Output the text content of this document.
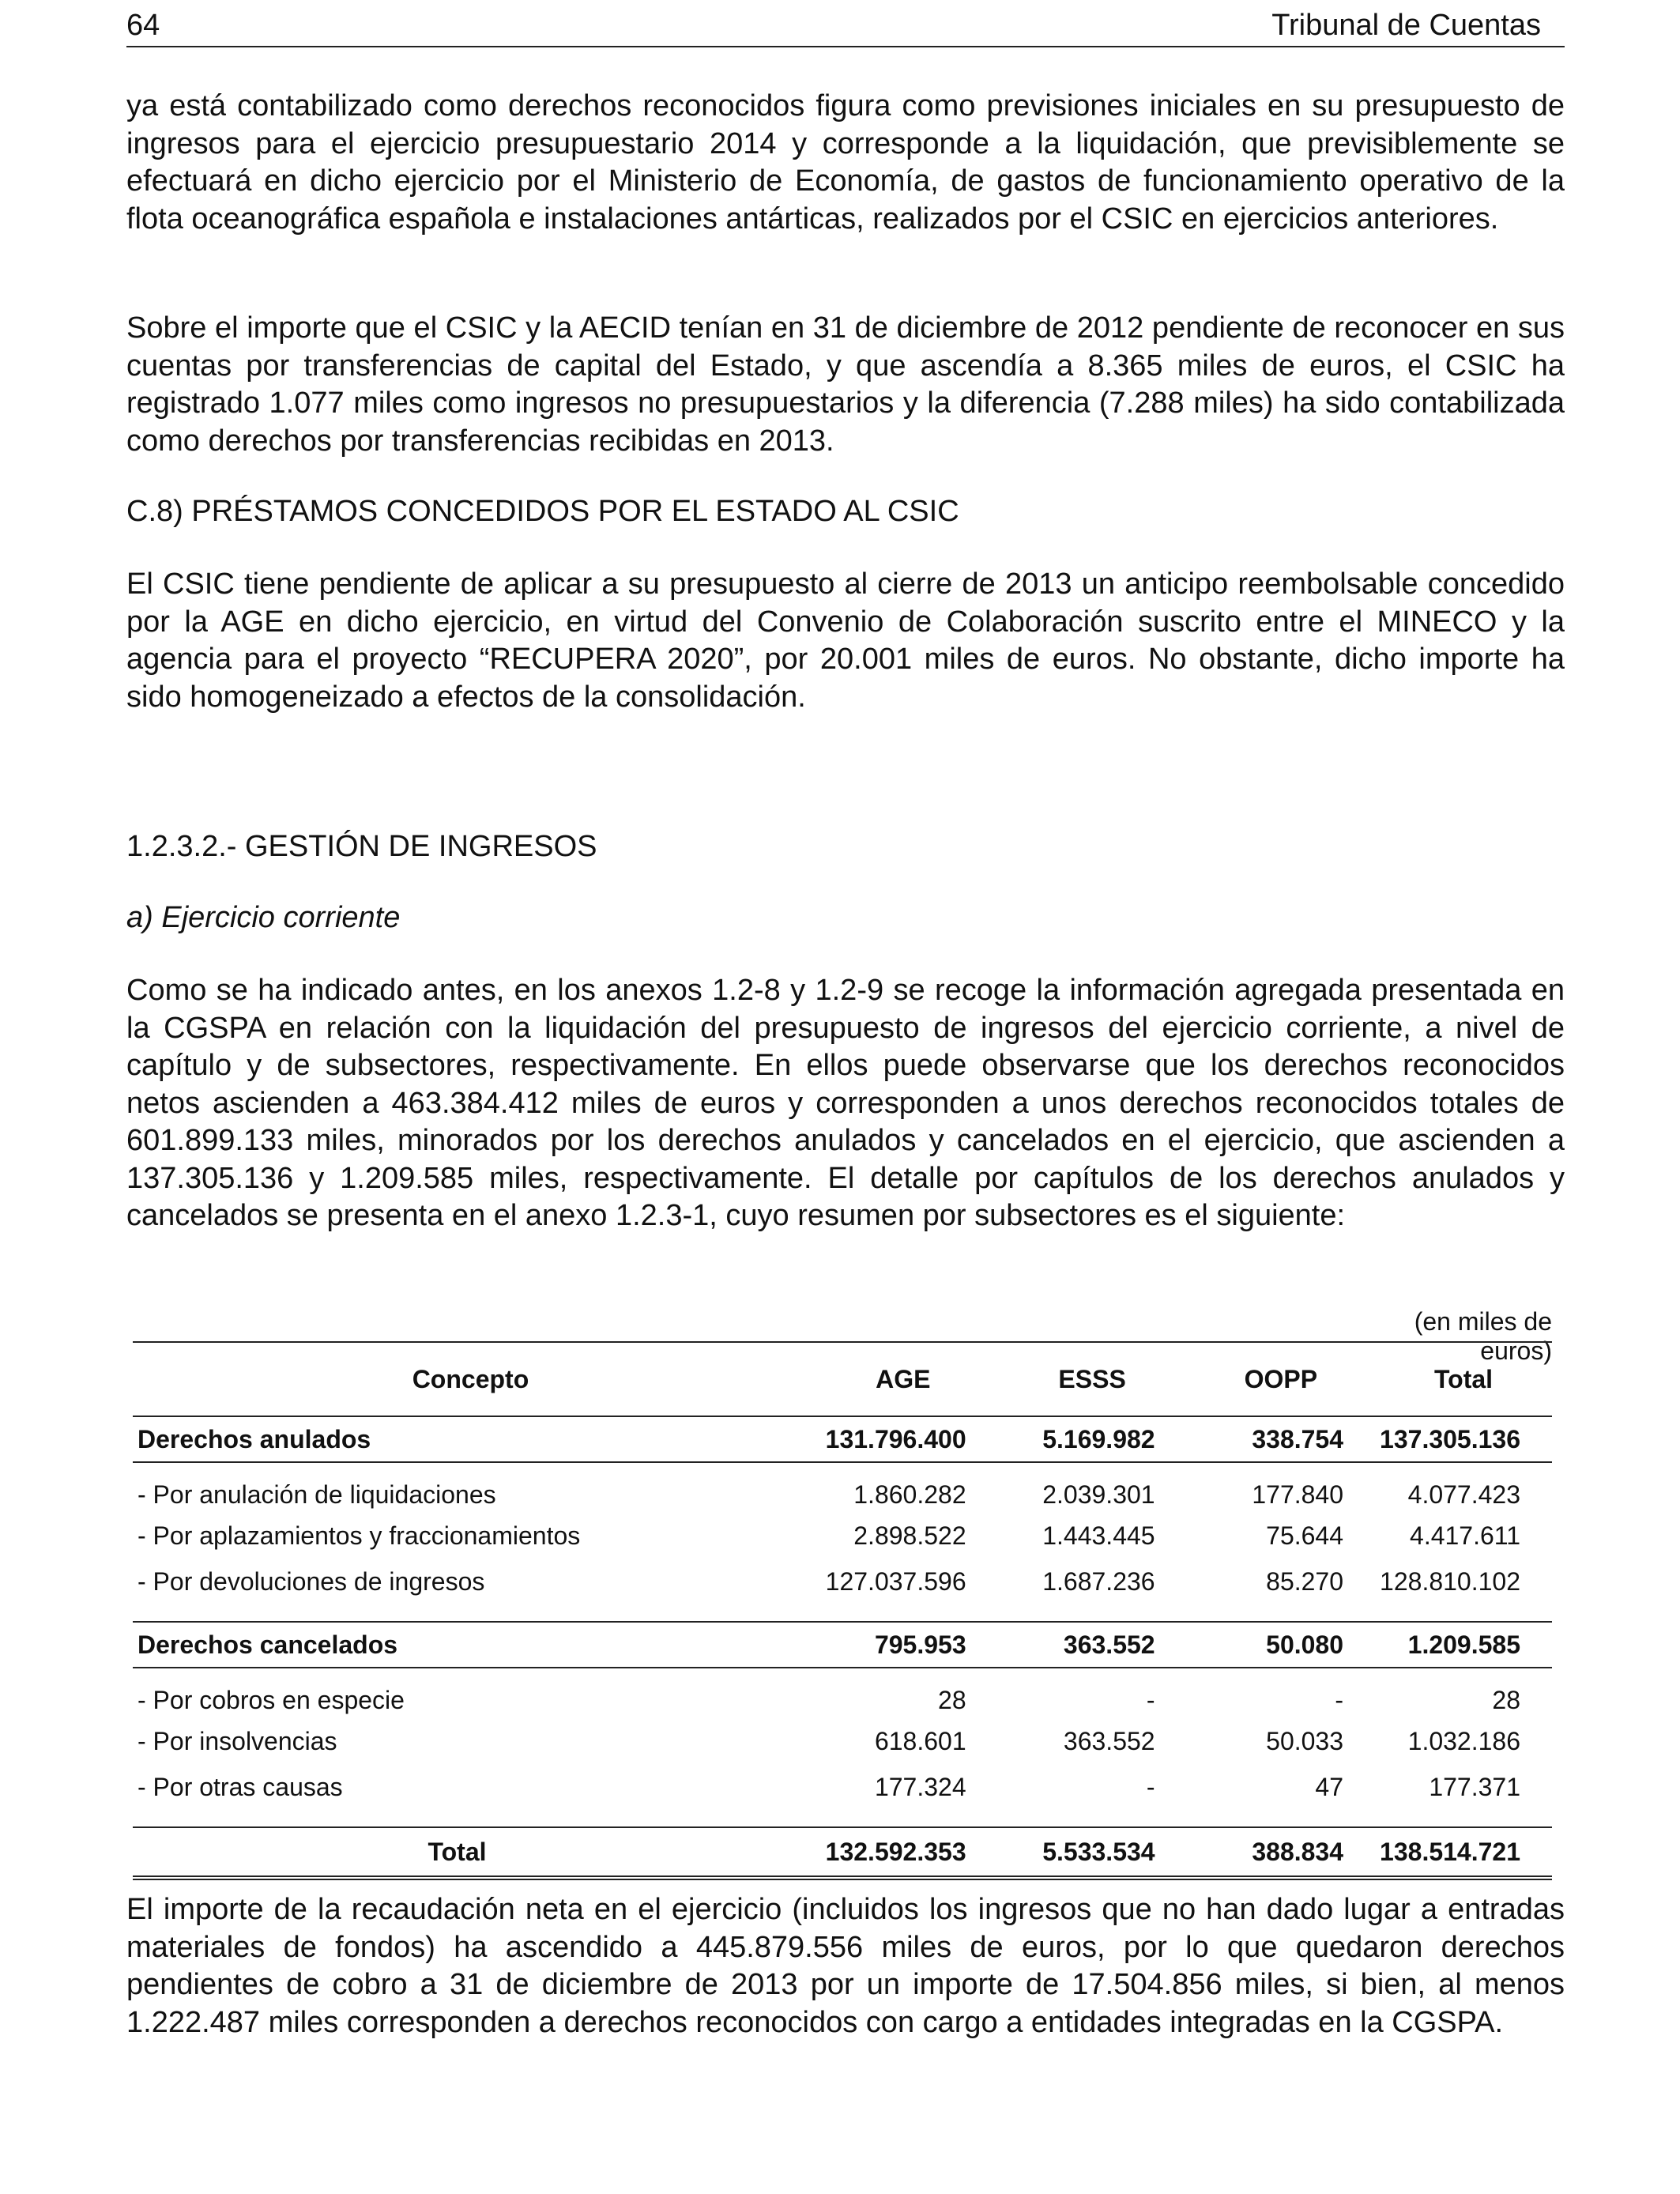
64	Tribunal de Cuentas

ya está contabilizado como derechos reconocidos figura como previsiones iniciales en su presupuesto de ingresos para el ejercicio presupuestario 2014 y corresponde a la liquidación, que previsiblemente se efectuará en dicho ejercicio por el Ministerio de Economía, de gastos de funcionamiento operativo de la flota oceanográfica española e instalaciones antárticas, realizados por el CSIC en ejercicios anteriores.

Sobre el importe que el CSIC y la AECID tenían en 31 de diciembre de 2012 pendiente de reconocer en sus cuentas por transferencias de capital del Estado, y que ascendía a 8.365 miles de euros, el CSIC ha registrado 1.077 miles como ingresos no presupuestarios y la diferencia (7.288 miles) ha sido contabilizada como derechos por transferencias recibidas en 2013.

C.8) PRÉSTAMOS CONCEDIDOS POR EL ESTADO AL CSIC

El CSIC tiene pendiente de aplicar a su presupuesto al cierre de 2013 un anticipo reembolsable concedido por la AGE en dicho ejercicio, en virtud del Convenio de Colaboración suscrito entre el MINECO y la agencia para el proyecto “RECUPERA 2020”, por 20.001 miles de euros. No obstante, dicho importe ha sido homogeneizado a efectos de la consolidación.

1.2.3.2.- GESTIÓN DE INGRESOS
a) Ejercicio corriente

Como se ha indicado antes, en los anexos 1.2-8 y 1.2-9 se recoge la información agregada presentada en la CGSPA en relación con la liquidación del presupuesto de ingresos del ejercicio corriente, a nivel de capítulo y de subsectores, respectivamente. En ellos puede observarse que los derechos reconocidos netos ascienden a 463.384.412 miles de euros y corresponden a unos derechos reconocidos totales de 601.899.133 miles, minorados por los derechos anulados y cancelados en el ejercicio, que ascienden a 137.305.136 y 1.209.585 miles, respectivamente. El detalle por capítulos de los derechos anulados y cancelados se presenta en el anexo 1.2.3-1, cuyo resumen por subsectores es el siguiente:

(en miles de euros)
Concepto	AGE	ESSS	OOPP	Total
Derechos anulados	131.796.400	5.169.982	338.754	137.305.136
- Por anulación de liquidaciones	1.860.282	2.039.301	177.840	4.077.423
- Por aplazamientos y fraccionamientos	2.898.522	1.443.445	75.644	4.417.611
- Por devoluciones de ingresos	127.037.596	1.687.236	85.270	128.810.102
Derechos cancelados	795.953	363.552	50.080	1.209.585
- Por cobros en especie	28	-	-	28
- Por insolvencias	618.601	363.552	50.033	1.032.186
- Por otras causas	177.324	-	47	177.371
Total	132.592.353	5.533.534	388.834	138.514.721

El importe de la recaudación neta en el ejercicio (incluidos los ingresos que no han dado lugar a entradas materiales de fondos) ha ascendido a 445.879.556 miles de euros, por lo que quedaron derechos pendientes de cobro a 31 de diciembre de 2013 por un importe de 17.504.856 miles, si bien, al menos 1.222.487 miles corresponden a derechos reconocidos con cargo a entidades integradas en la CGSPA.
